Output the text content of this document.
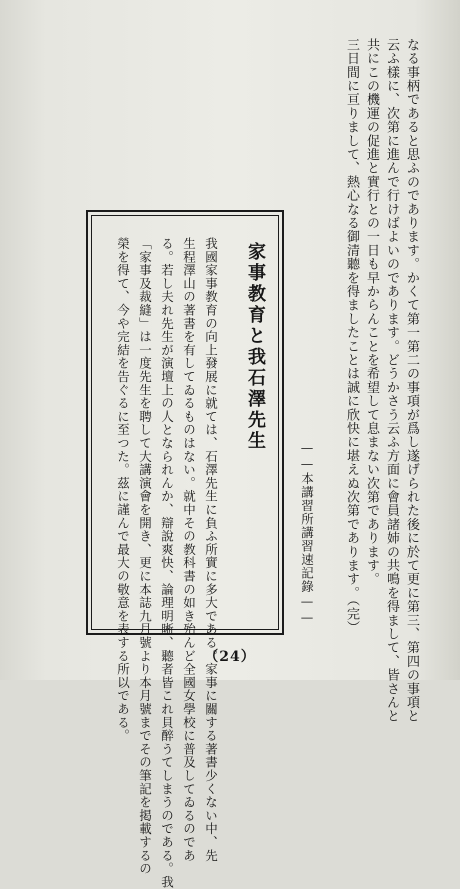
なる事柄であると思ふのであります。かくて第一第二の事項が爲し遂げられた後に於て更に第三、第四の事項と
云ふ樣に、次第に進んで行けばよいのであります。どうかさう云ふ方面に會員諸姉の共鳴を得まして、皆さんと
共にこの機運の促進と實行との一日も早からんことを希望して息まない次第であります。
三日間に亘りまして、熱心なる御清聽を得ましたことは誠に欣快に堪えぬ次第であります。（完）
——本講習所講習速記錄——
家事教育と我石澤先生
我國家事教育の向上發展に就ては、石澤先生に負ふ所實に多大である。家事に關する著書少くない中、先
生程澤山の著書を有してゐるものはない。就中その教科書の如き殆んど全國女學校に普及してゐるのであ
る。若し夫れ先生が演壇上の人となられんか、辯說爽快、論理明晰、聽者皆これ貝醉うてしまうのである。我
「家事及裁縫」は一度先生を聘して大講演會を開き、更に本誌九月號より本月號までその筆記を掲載するの
榮を得て、今や完結を告ぐるに至つた。茲に謹んで最大の敬意を表する所以である。	（24）
